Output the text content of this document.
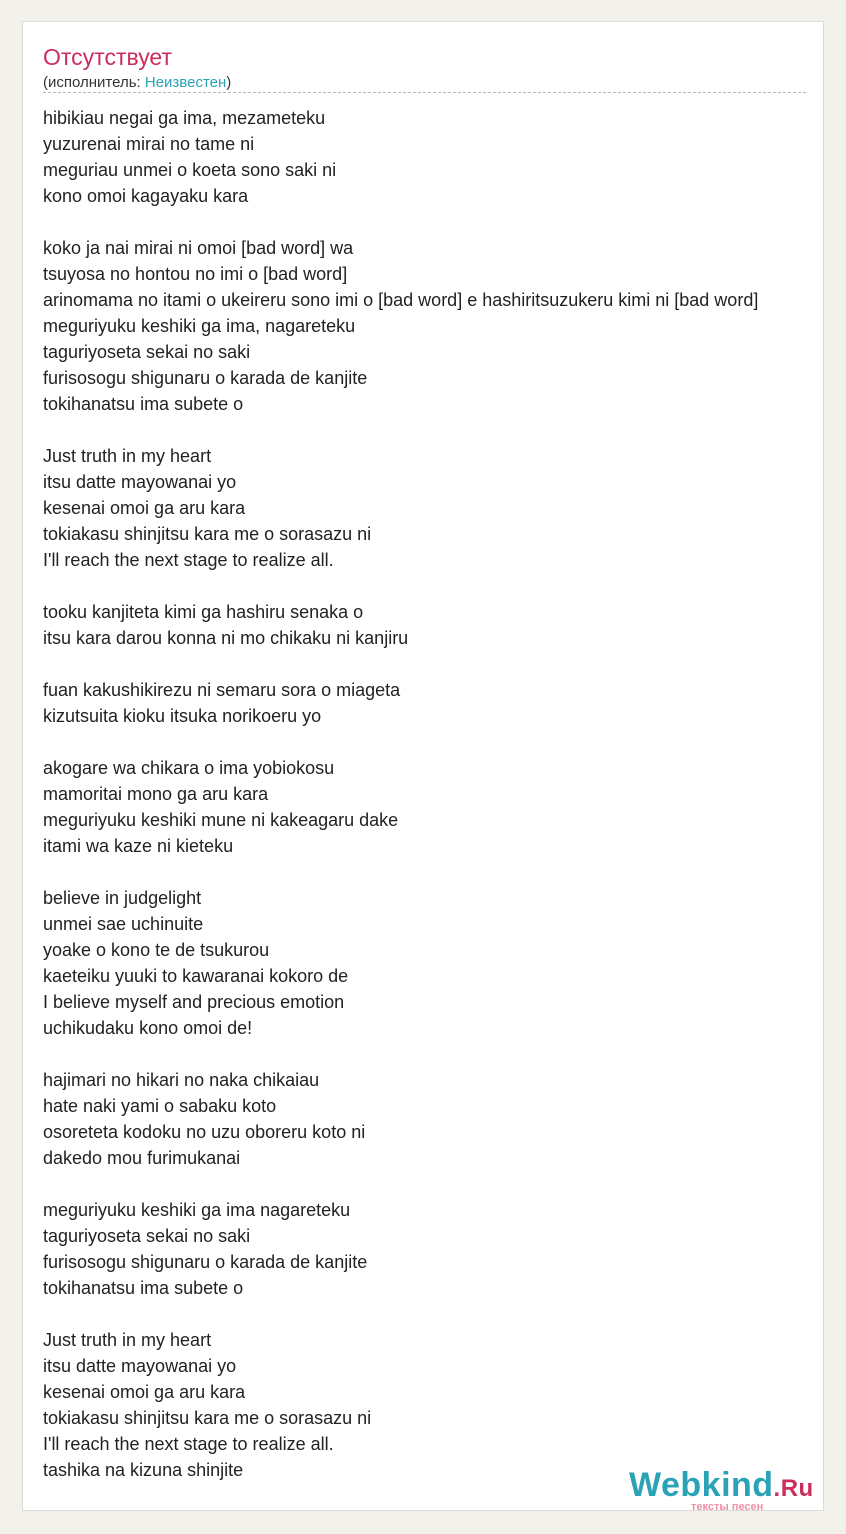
Отсутствует
(исполнитель: Неизвестен)
hibikiau negai ga ima, mezameteku
yuzurenai mirai no tame ni
meguriau unmei o koeta sono saki ni
kono omoi kagayaku kara
koko ja nai mirai ni omoi [bad word] wa
tsuyosa no hontou no imi o [bad word]
arinomama no itami o ukeireru sono imi o [bad word] e hashiritsuzukeru kimi ni [bad word]
meguriyuku keshiki ga ima, nagareteku
taguriyoseta sekai no saki
furisosogu shigunaru o karada de kanjite
tokihanatsu ima subete o
Just truth in my heart
itsu datte mayowanai yo
kesenai omoi ga aru kara
tokiakasu shinjitsu kara me o sorasazu ni
I'll reach the next stage to realize all.
tooku kanjiteta kimi ga hashiru senaka o
itsu kara darou konna ni mo chikaku ni kanjiru
fuan kakushikirezu ni semaru sora o miageta
kizutsuita kioku itsuka norikoeru yo
akogare wa chikara o ima yobiokosu
mamoritai mono ga aru kara
meguriyuku keshiki mune ni kakeagaru dake
itami wa kaze ni kieteku
believe in judgelight
unmei sae uchinuite
yoake o kono te de tsukurou
kaeteiku yuuki to kawaranai kokoro de
I believe myself and precious emotion
uchikudaku kono omoi de!
hajimari no hikari no naka chikaiau
hate naki yami o sabaku koto
osoreteta kodoku no uzu oboreru koto ni
dakedo mou furimukanai
meguriyuku keshiki ga ima nagareteku
taguriyoseta sekai no saki
furisosogu shigunaru o karada de kanjite
tokihanatsu ima subete o
Just truth in my heart
itsu datte mayowanai yo
kesenai omoi ga aru kara
tokiakasu shinjitsu kara me o sorasazu ni
I'll reach the next stage to realize all.
tashika na kizuna shinjite	Webkind.Ru
тексты песен
